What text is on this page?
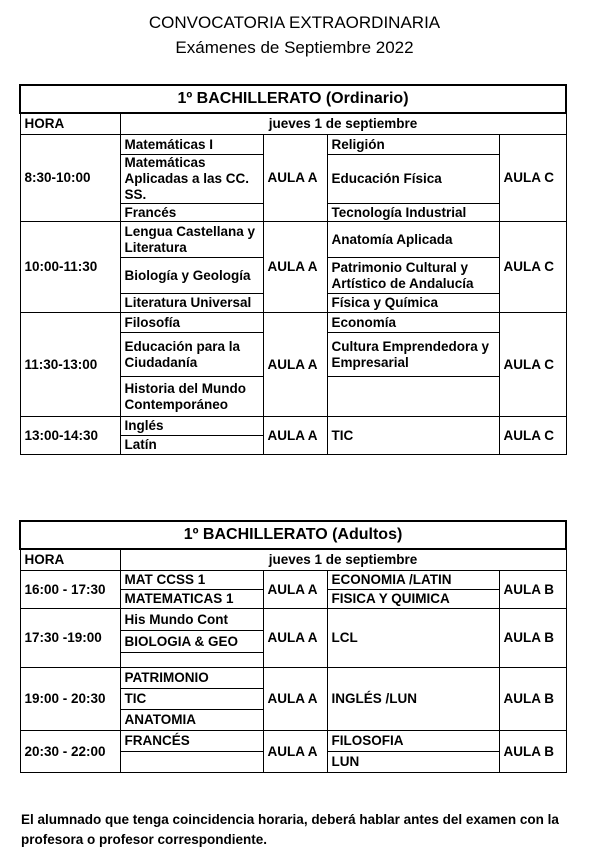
CONVOCATORIA EXTRAORDINARIA
Exámenes de Septiembre 2022
1º BACHILLERATO (Ordinario)				
HORA	jueves 1 de septiembre			
8:30-10:00	Matemáticas I	AULA A	Religión	AULA C
	Matemáticas Aplicadas a las CC. SS.		Educación Física	
	Francés		Tecnología Industrial	
10:00-11:30	Lengua Castellana y Literatura	AULA A	Anatomía Aplicada	AULA C
	Biología y Geología		Patrimonio Cultural y Artístico de Andalucía	
	Literatura Universal		Física y Química	
11:30-13:00	Filosofía	AULA A	Economía	AULA C
	Educación para la Ciudadanía		Cultura Emprendedora y Empresarial	
	Historia del Mundo Contemporáneo			
13:00-14:30	Inglés	AULA A	TIC	AULA C
	Latín			
1º BACHILLERATO (Adultos)				
HORA	jueves 1 de septiembre			
16:00 - 17:30	MAT CCSS 1	AULA A	ECONOMIA /LATIN	AULA B
	MATEMATICAS 1		FISICA Y QUIMICA	
17:30 -19:00	His Mundo Cont	AULA A	LCL	AULA B
	BIOLOGIA & GEO			

19:00 - 20:30	PATRIMONIO	AULA A	INGLÉS /LUN	AULA B
	TIC			
	ANATOMIA			
20:30 - 22:00	FRANCÉS	AULA A	FILOSOFIA	AULA B
			LUN	
El alumnado que tenga coincidencia horaria, deberá hablar antes del examen con la profesora o profesor correspondiente.
